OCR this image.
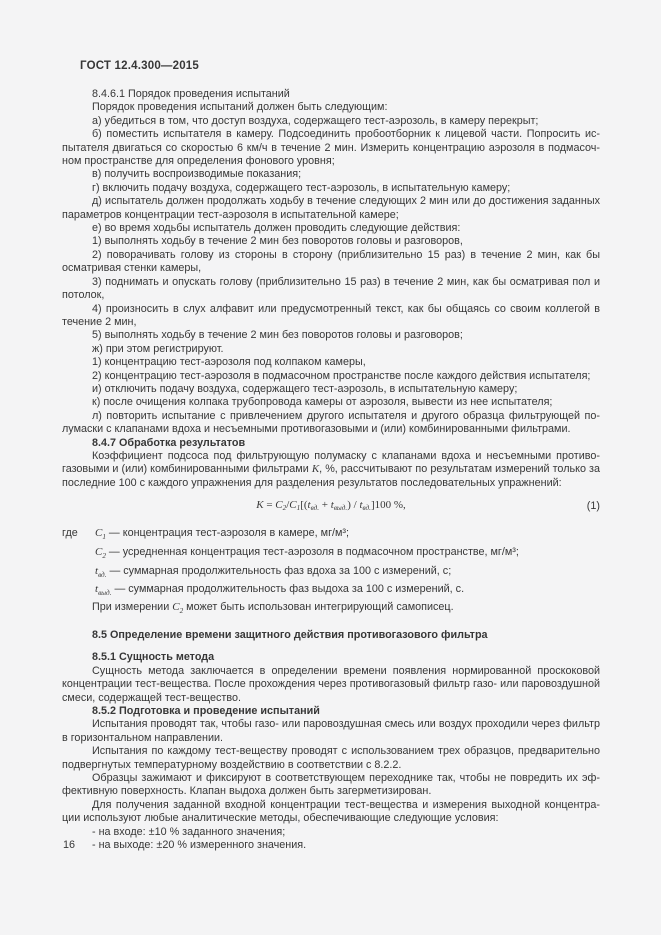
ГОСТ 12.4.300—2015

8.4.6.1 Порядок проведения испытаний

Порядок проведения испытаний должен быть следующим:

а) убедиться в том, что доступ воздуха, содержащего тест-аэрозоль, в камеру перекрыт;

б) поместить испытателя в камеру. Подсоединить пробоотборник к лицевой части. Попросить испытателя двигаться со скоростью 6 км/ч в течение 2 мин. Измерить концентрацию аэрозоля в подмасочном пространстве для определения фонового уровня;

в) получить воспроизводимые показания;

г) включить подачу воздуха, содержащего тест-аэрозоль, в испытательную камеру;

д) испытатель должен продолжать ходьбу в течение следующих 2 мин или до достижения заданных параметров концентрации тест-аэрозоля в испытательной камере;

е) во время ходьбы испытатель должен проводить следующие действия:

1) выполнять ходьбу в течение 2 мин без поворотов головы и разговоров,

2) поворачивать голову из стороны в сторону (приблизительно 15 раз) в течение 2 мин, как бы осматривая стенки камеры,

3) поднимать и опускать голову (приблизительно 15 раз) в течение 2 мин, как бы осматривая пол и потолок,

4) произносить в слух алфавит или предусмотренный текст, как бы общаясь со своим коллегой в течение 2 мин,

5) выполнять ходьбу в течение 2 мин без поворотов головы и разговоров;

ж) при этом регистрируют.

1) концентрацию тест-аэрозоля под колпаком камеры,

2) концентрацию тест-аэрозоля в подмасочном пространстве после каждого действия испытателя;

и) отключить подачу воздуха, содержащего тест-аэрозоль, в испытательную камеру;

к) после очищения колпака трубопровода камеры от аэрозоля, вывести из нее испытателя;

л) повторить испытание с привлечением другого испытателя и другого образца фильтрующей полумаски с клапанами вдоха и несъемными противогазовыми и (или) комбинированными фильтрами.

8.4.7 Обработка результатов

Коэффициент подсоса под фильтрующую полумаску с клапанами вдоха и несъемными противогазовыми и (или) комбинированными фильтрами К, %, рассчитывают по результатам измерений только за последние 100 с каждого упражнения для разделения результатов последовательных упражнений:

$K = C_2/C_1[(t_{вд.} + t_{выд.}) / t_{вд.}]100$ %,	(1)
гдеC$_1$ — концентрация тест-аэрозоля в камере, мг/м³;
$C_2$ — усредненная концентрация тест-аэрозоля в подмасочном пространстве, мг/м³;
$t_{вд.}$ — суммарная продолжительность фаз вдоха за 100 с измерений, с;
$t_{выд.}$ — суммарная продолжительность фаз выдоха за 100 с измерений, с.

При измерении $С_2$ может быть использован интегрирующий самописец.

8.5 Определение времени защитного действия противогазового фильтра

8.5.1 Сущность метода

Сущность метода заключается в определении времени появления нормированной проскоковой концентрации тест-вещества. После прохождения через противогазовый фильтр газо- или паровоздушной смеси, содержащей тест-вещество.

8.5.2 Подготовка и проведение испытаний

Испытания проводят так, чтобы газо- или паровоздушная смесь или воздух проходили через фильтр в горизонтальном направлении.

Испытания по каждому тест-веществу проводят с использованием трех образцов, предварительно подвергнутых температурному воздействию в соответствии с 8.2.2.

Образцы зажимают и фиксируют в соответствующем переходнике так, чтобы не повредить их эффективную поверхность. Клапан выдоха должен быть загерметизирован.

Для получения заданной входной концентрации тест-вещества и измерения выходной концентрации используют любые аналитические методы, обеспечивающие следующие условия:

- на входе: ±10 % заданного значения;

- на выходе: ±20 % измеренного значения.

16
